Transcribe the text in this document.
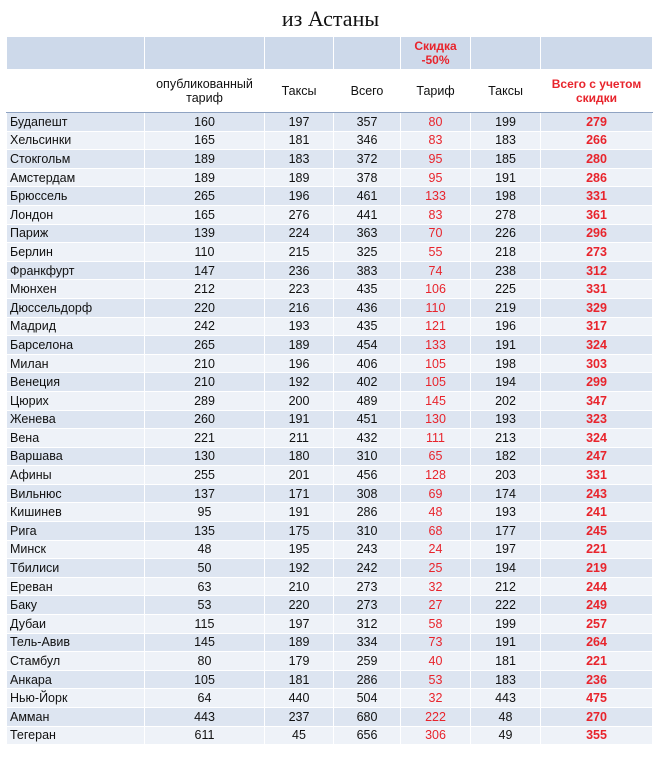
из Астаны
				Скидка -50%		
	опубликованный тариф	Таксы	Всего	Тариф	Таксы	Всего с учетом скидки
Будапешт	160	197	357	80	199	279
Хельсинки	165	181	346	83	183	266
Стокгольм	189	183	372	95	185	280
Амстердам	189	189	378	95	191	286
Брюссель	265	196	461	133	198	331
Лондон	165	276	441	83	278	361
Париж	139	224	363	70	226	296
Берлин	110	215	325	55	218	273
Франкфурт	147	236	383	74	238	312
Мюнхен	212	223	435	106	225	331
Дюссельдорф	220	216	436	110	219	329
Мадрид	242	193	435	121	196	317
Барселона	265	189	454	133	191	324
Милан	210	196	406	105	198	303
Венеция	210	192	402	105	194	299
Цюрих	289	200	489	145	202	347
Женева	260	191	451	130	193	323
Вена	221	211	432	111	213	324
Варшава	130	180	310	65	182	247
Афины	255	201	456	128	203	331
Вильнюс	137	171	308	69	174	243
Кишинев	95	191	286	48	193	241
Рига	135	175	310	68	177	245
Минск	48	195	243	24	197	221
Тбилиси	50	192	242	25	194	219
Ереван	63	210	273	32	212	244
Баку	53	220	273	27	222	249
Дубаи	115	197	312	58	199	257
Тель-Авив	145	189	334	73	191	264
Стамбул	80	179	259	40	181	221
Анкара	105	181	286	53	183	236
Нью-Йорк	64	440	504	32	443	475
Амман	443	237	680	222	48	270
Тегеран	611	45	656	306	49	355
